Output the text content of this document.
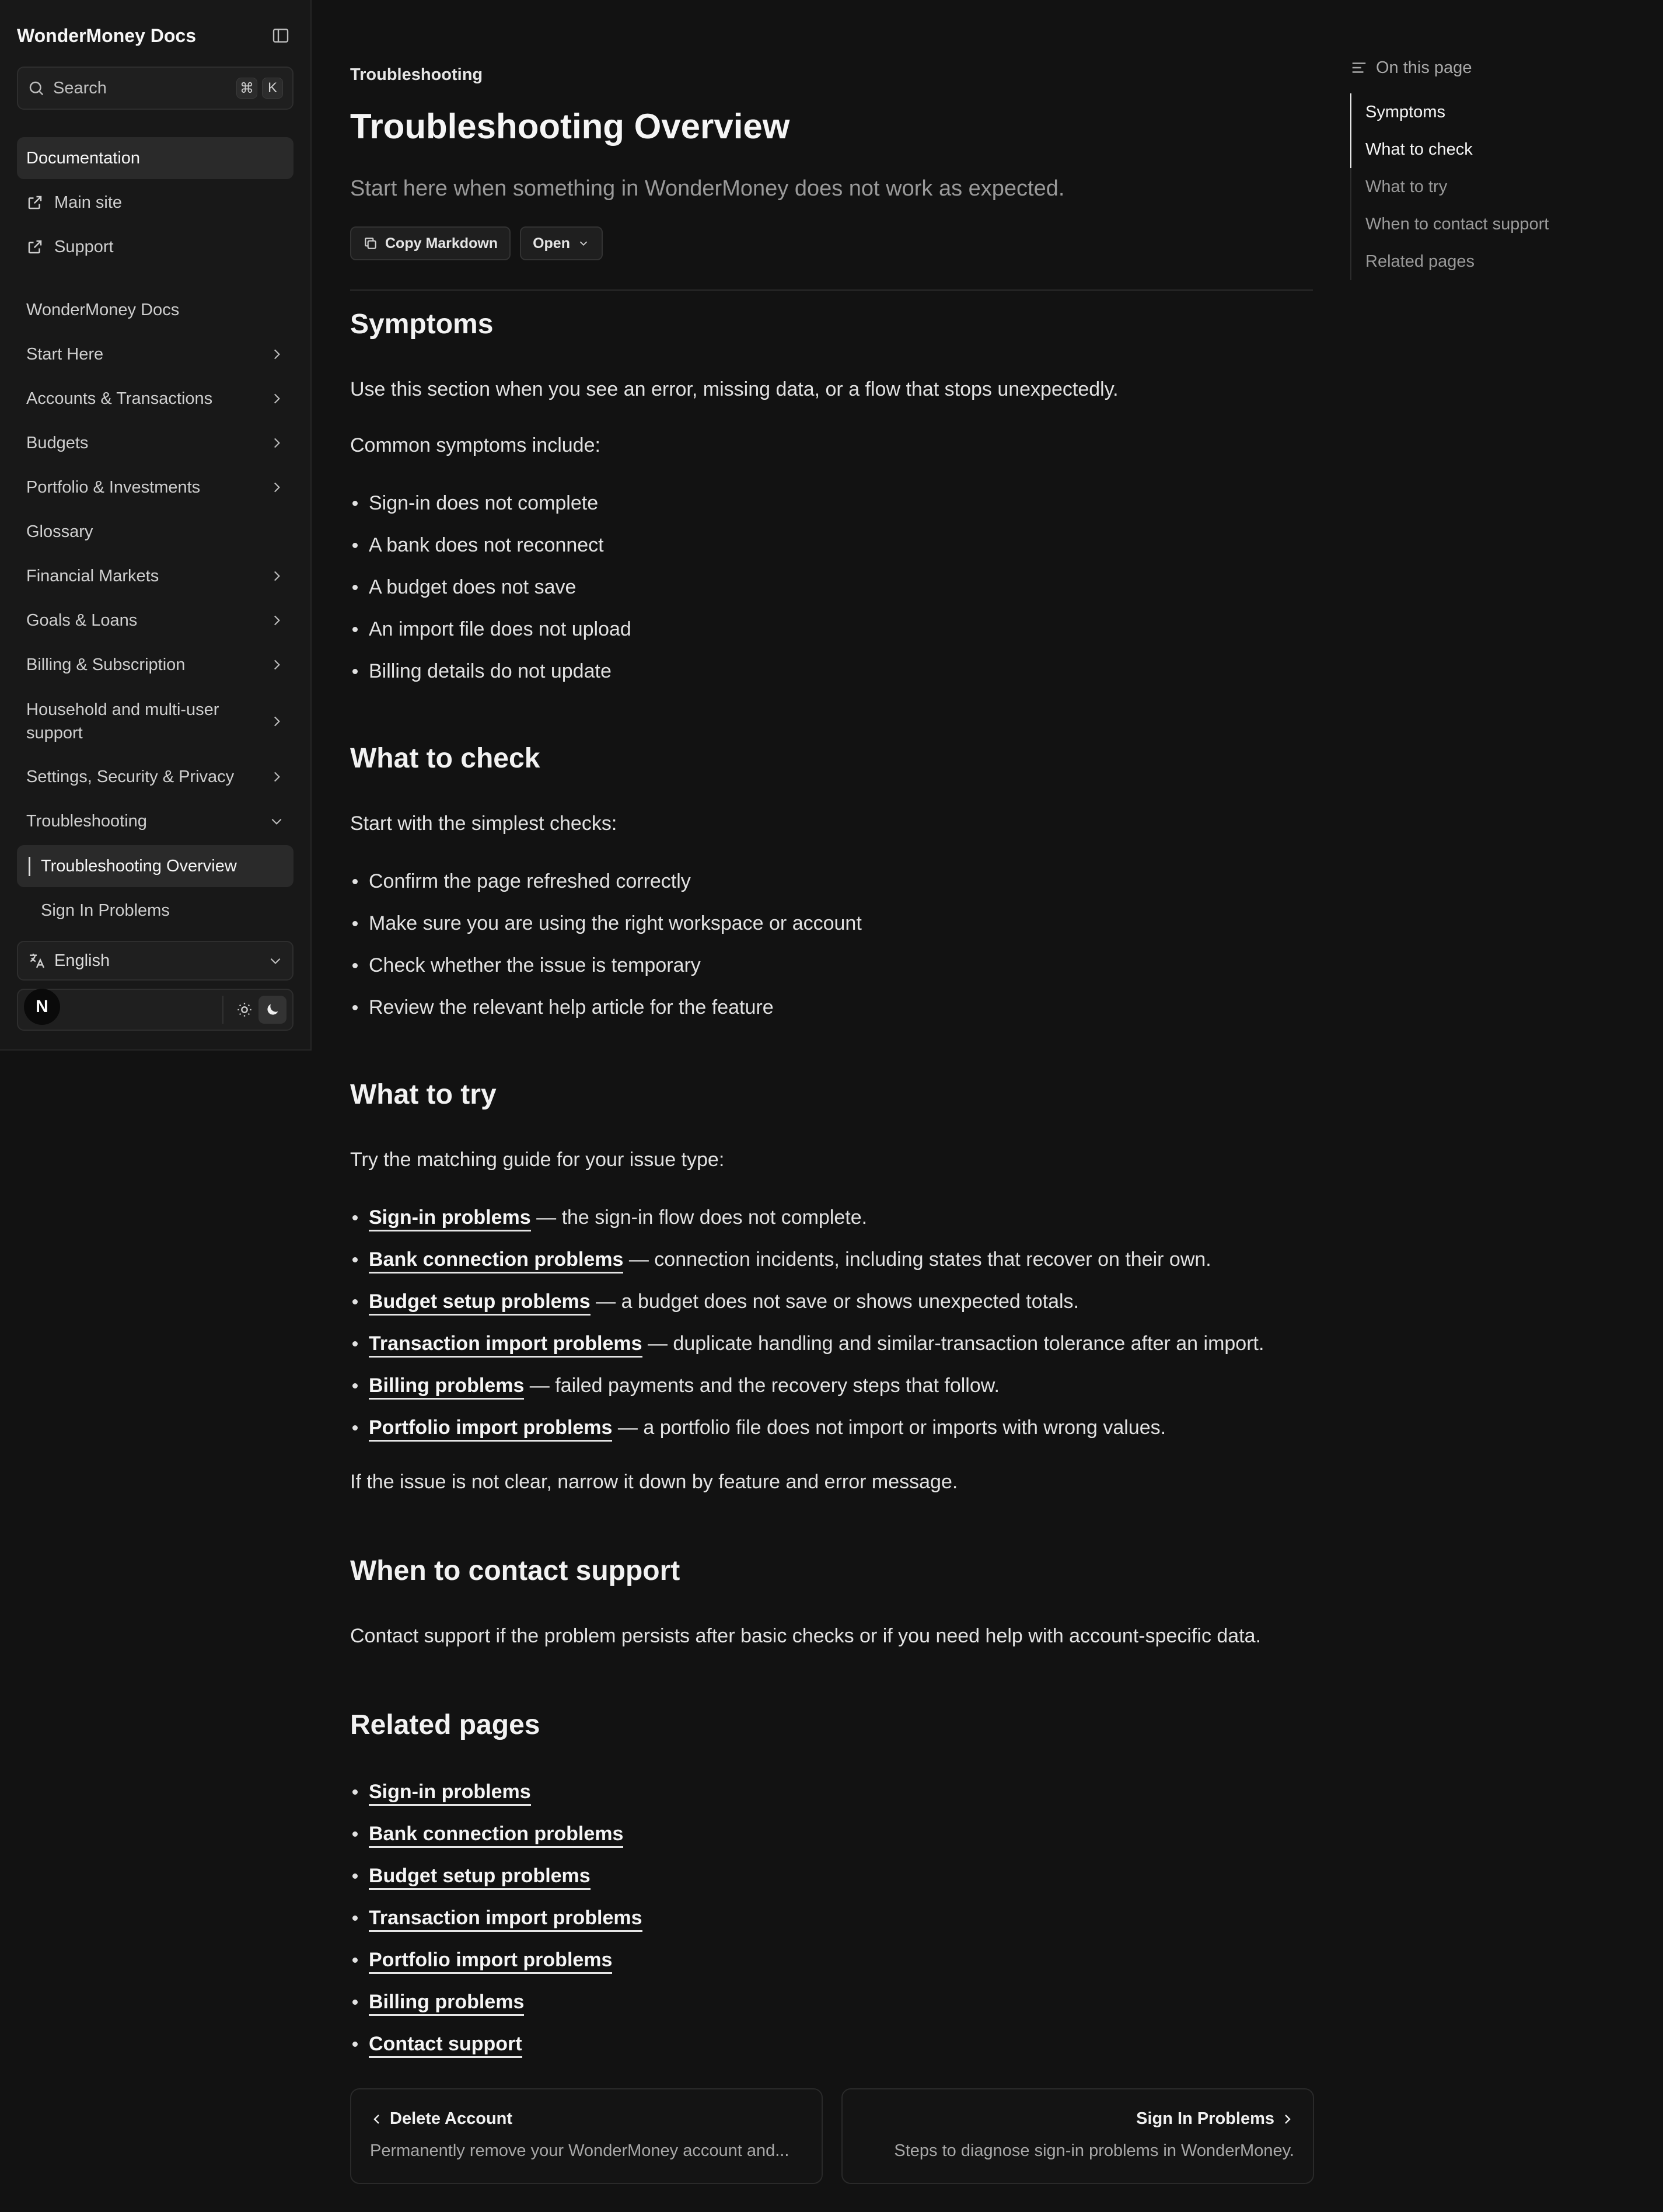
WonderMoney Docs
Search	⌘ K
Documentation
Main site
Support
WonderMoney Docs
Start Here
Accounts & Transactions
Budgets
Portfolio & Investments
Glossary
Financial Markets
Goals & Loans
Billing & Subscription
Household and multi-user support
Settings, Security & Privacy
Troubleshooting
Troubleshooting Overview
Sign In Problems
English
N
Troubleshooting
Troubleshooting Overview
Start here when something in WonderMoney does not work as expected.
Copy Markdown Open
Symptoms
Use this section when you see an error, missing data, or a flow that stops unexpectedly.
Common symptoms include:
Sign-in does not complete
A bank does not reconnect
A budget does not save
An import file does not upload
Billing details do not update
What to check
Start with the simplest checks:
Confirm the page refreshed correctly
Make sure you are using the right workspace or account
Check whether the issue is temporary
Review the relevant help article for the feature
What to try
Try the matching guide for your issue type:
Sign-in problems — the sign-in flow does not complete.
Bank connection problems — connection incidents, including states that recover on their own.
Budget setup problems — a budget does not save or shows unexpected totals.
Transaction import problems — duplicate handling and similar-transaction tolerance after an import.
Billing problems — failed payments and the recovery steps that follow.
Portfolio import problems — a portfolio file does not import or imports with wrong values.
If the issue is not clear, narrow it down by feature and error message.
When to contact support
Contact support if the problem persists after basic checks or if you need help with account-specific data.
Related pages
Sign-in problems
Bank connection problems
Budget setup problems
Transaction import problems
Portfolio import problems
Billing problems
Contact support
Delete Account
Permanently remove your WonderMoney account and...
Sign In Problems
Steps to diagnose sign-in problems in WonderMoney.
On this page
Symptoms
What to check
What to try
When to contact support
Related pages
